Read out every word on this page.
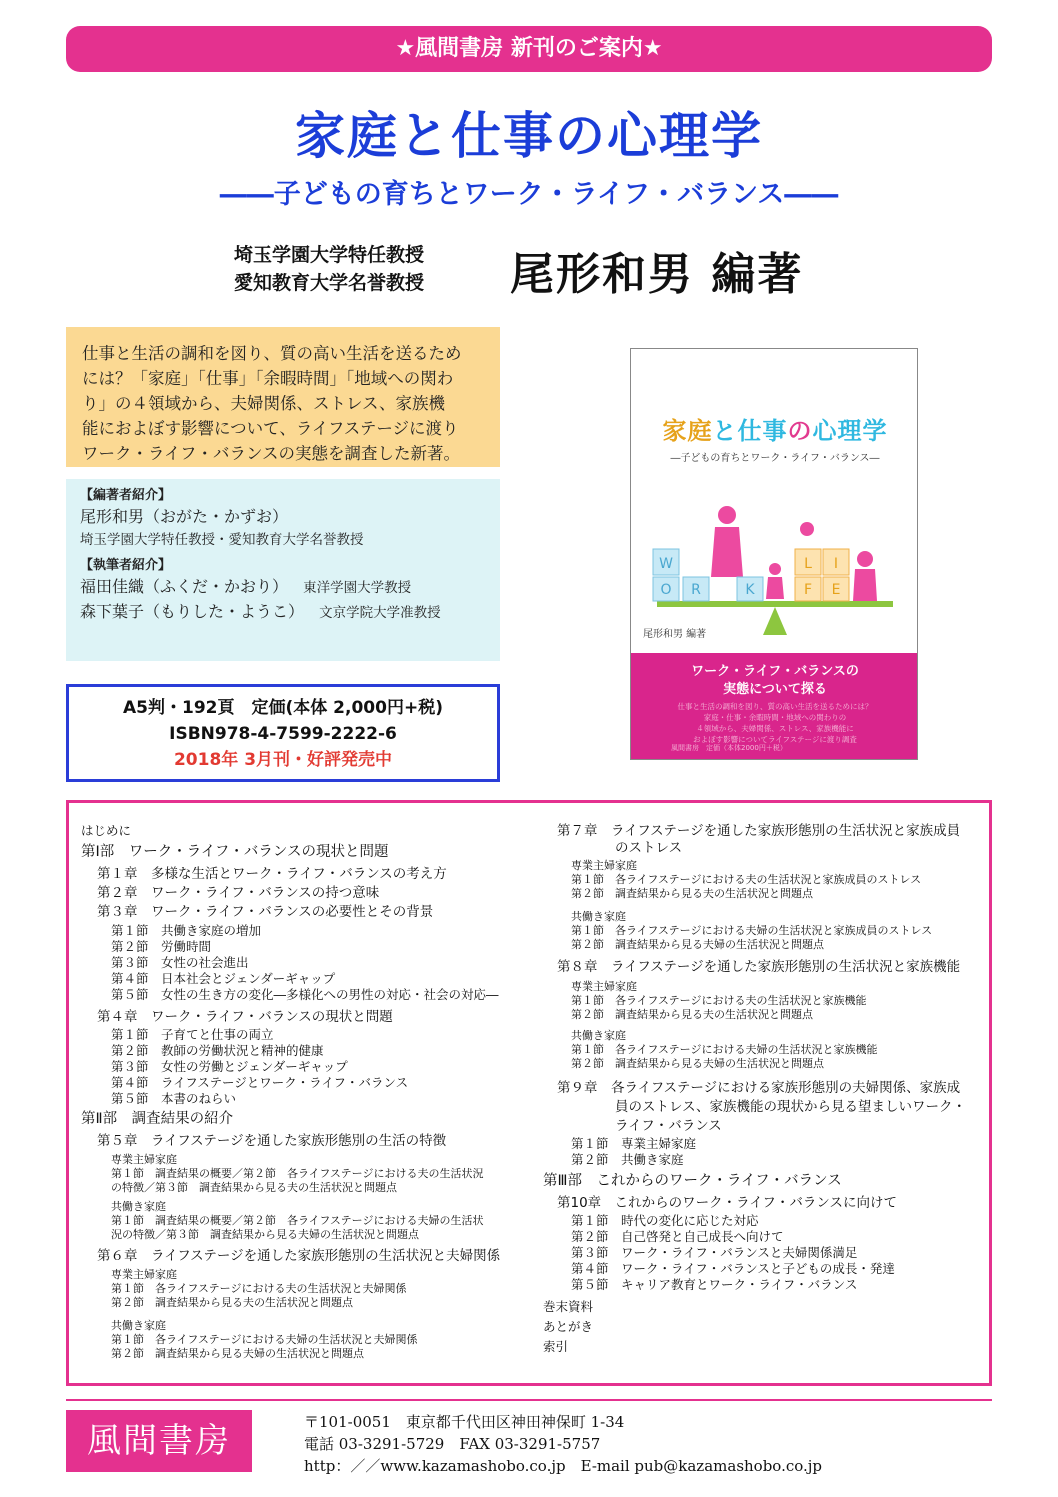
★風間書房 新刊のご案内★
家庭と仕事の心理学
――子どもの育ちとワーク・ライフ・バランス――
埼玉学園大学特任教授
愛知教育大学名誉教授 尾形和男 編著
仕事と生活の調和を図り、質の高い生活を送るため
には？「家庭」「仕事」「余暇時間」「地域への関わ
り」の４領域から、夫婦関係、ストレス、家族機
能におよぼす影響について、ライフステージに渡り
ワーク・ライフ・バランスの実態を調査した新著。
【編著者紹介】
尾形和男（おがた・かずお）
埼玉学園大学特任教授・愛知教育大学名誉教授
【執筆者紹介】
福田佳織（ふくだ・かおり） 東洋学園大学教授
森下葉子（もりした・ようこ） 文京学院大学准教授
A5判・192頁　定価(本体 2,000円+税)
ISBN978-4-7599-2222-6
2018年 3月刊・好評発売中
家庭と仕事の心理学
―子どもの育ちとワーク・ライフ・バランス―
W
O R	K
L I
F E
尾形和男 編著
ワーク・ライフ・バランスの
実態について探る
仕事と生活の調和を図り、質の高い生活を送るためには？
家庭・仕事・余暇時間・地域への関わりの
４領域から、夫婦関係、ストレス、家族機能に
およぼす影響についてライフステージに渡り調査
風間書房　定価（本体2000円＋税）
はじめに
第Ⅰ部　ワーク・ライフ・バランスの現状と問題
第１章　多様な生活とワーク・ライフ・バランスの考え方
第２章　ワーク・ライフ・バランスの持つ意味
第３章　ワーク・ライフ・バランスの必要性とその背景
第１節　共働き家庭の増加
第２節　労働時間
第３節　女性の社会進出
第４節　日本社会とジェンダーギャップ
第５節　女性の生き方の変化―多様化への男性の対応・社会の対応―
第４章　ワーク・ライフ・バランスの現状と問題
第１節　子育てと仕事の両立
第２節　教師の労働状況と精神的健康
第３節　女性の労働とジェンダーギャップ
第４節　ライフステージとワーク・ライフ・バランス
第５節　本書のねらい
第Ⅱ部　調査結果の紹介
第５章　ライフステージを通した家族形態別の生活の特徴
専業主婦家庭
第１節　調査結果の概要／第２節　各ライフステージにおける夫の生活状況
の特徴／第３節　調査結果から見る夫の生活状況と問題点
共働き家庭
第１節　調査結果の概要／第２節　各ライフステージにおける夫婦の生活状
況の特徴／第３節　調査結果から見る夫婦の生活状況と問題点
第６章　ライフステージを通した家族形態別の生活状況と夫婦関係
専業主婦家庭
第１節　各ライフステージにおける夫の生活状況と夫婦関係
第２節　調査結果から見る夫の生活状況と問題点
共働き家庭
第１節　各ライフステージにおける夫婦の生活状況と夫婦関係
第２節　調査結果から見る夫婦の生活状況と問題点
第７章　ライフステージを通した家族形態別の生活状況と家族成員
のストレス
専業主婦家庭
第１節　各ライフステージにおける夫の生活状況と家族成員のストレス
第２節　調査結果から見る夫の生活状況と問題点
共働き家庭
第１節　各ライフステージにおける夫婦の生活状況と家族成員のストレス
第２節　調査結果から見る夫婦の生活状況と問題点
第８章　ライフステージを通した家族形態別の生活状況と家族機能
専業主婦家庭
第１節　各ライフステージにおける夫の生活状況と家族機能
第２節　調査結果から見る夫の生活状況と問題点
共働き家庭
第１節　各ライフステージにおける夫婦の生活状況と家族機能
第２節　調査結果から見る夫婦の生活状況と問題点
第９章　各ライフステージにおける家族形態別の夫婦関係、家族成
員のストレス、家族機能の現状から見る望ましいワーク・
ライフ・バランス
第１節　専業主婦家庭
第２節　共働き家庭
第Ⅲ部　これからのワーク・ライフ・バランス
第10章　これからのワーク・ライフ・バランスに向けて
第１節　時代の変化に応じた対応
第２節　自己啓発と自己成長へ向けて
第３節　ワーク・ライフ・バランスと夫婦関係満足
第４節　ワーク・ライフ・バランスと子どもの成長・発達
第５節　キャリア教育とワーク・ライフ・バランス
巻末資料
あとがき
索引
風間書房	〒101-0051　東京都千代田区神田神保町 1-34
電話 03-3291-5729　FAX 03-3291-5757
http：／／www.kazamashobo.co.jp　E-mail pub@kazamashobo.co.jp
